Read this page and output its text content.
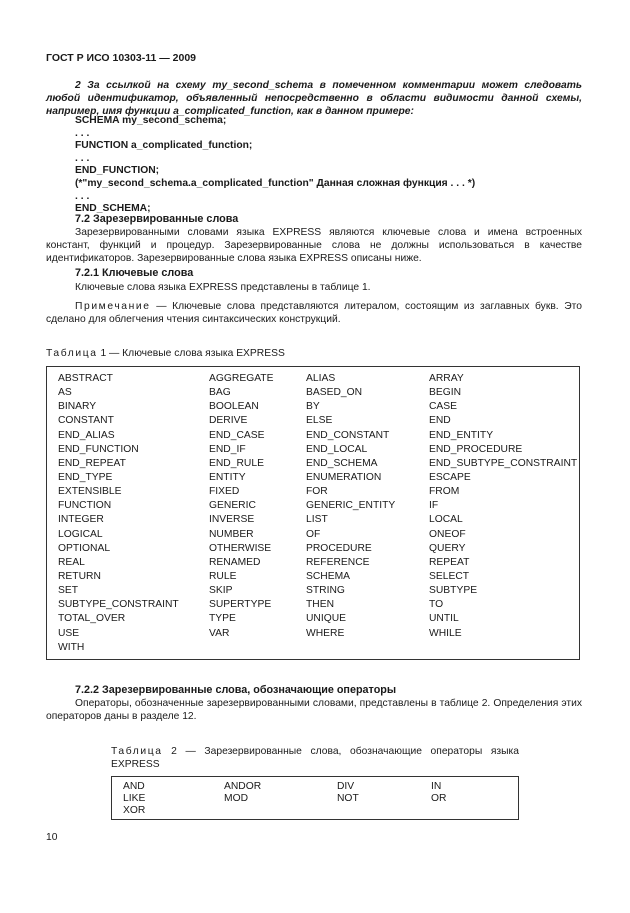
ГОСТ Р ИСО 10303-11 — 2009
2 За ссылкой на схему my_second_schema в помеченном комментарии может следовать любой идентификатор, объявленный непосредственно в области видимости данной схемы, например, имя функции a_complicated_function, как в данном примере:
SCHEMA my_second_schema;
. . .
FUNCTION a_complicated_function;
. . .
END_FUNCTION;
(*"my_second_schema.a_complicated_function" Данная сложная функция . . . *)
. . .
END_SCHEMA;
7.2 Зарезервированные слова

Зарезервированными словами языка EXPRESS являются ключевые слова и имена встроенных констант, функций и процедур. Зарезервированные слова не должны использоваться в качестве идентификаторов. Зарезервированные слова языка EXPRESS описаны ниже.

7.2.1 Ключевые слова
Ключевые слова языка EXPRESS представлены в таблице 1.
Примечание — Ключевые слова представляются литералом, состоящим из заглавных букв. Это сделано для облегчения чтения синтаксических конструкций.
Таблица 1 — Ключевые слова языка EXPRESS
ABSTRACT
AS
BINARY
CONSTANT
END_ALIAS
END_FUNCTION
END_REPEAT
END_TYPE
EXTENSIBLE
FUNCTION
INTEGER
LOGICAL
OPTIONAL
REAL
RETURN
SET
SUBTYPE_CONSTRAINT
TOTAL_OVER
USE
WITH
AGGREGATE
BAG
BOOLEAN
DERIVE
END_CASE
END_IF
END_RULE
ENTITY
FIXED
GENERIC
INVERSE
NUMBER
OTHERWISE
RENAMED
RULE
SKIP
SUPERTYPE
TYPE
VAR
ALIAS
BASED_ON
BY
ELSE
END_CONSTANT
END_LOCAL
END_SCHEMA
ENUMERATION
FOR
GENERIC_ENTITY
LIST
OF
PROCEDURE
REFERENCE
SCHEMA
STRING
THEN
UNIQUE
WHERE
ARRAY
BEGIN
CASE
END
END_ENTITY
END_PROCEDURE
END_SUBTYPE_CONSTRAINT
ESCAPE
FROM
IF
LOCAL
ONEOF
QUERY
REPEAT
SELECT
SUBTYPE
TO
UNTIL
WHILE
7.2.2 Зарезервированные слова, обозначающие операторы

Операторы, обозначенные зарезервированными словами, представлены в таблице 2. Определения этих операторов даны в разделе 12.

Таблица 2 — Зарезервированные слова, обозначающие операторы языка EXPRESS
AND
LIKE
XOR
ANDOR
MOD
DIV
NOT
IN
OR
10
